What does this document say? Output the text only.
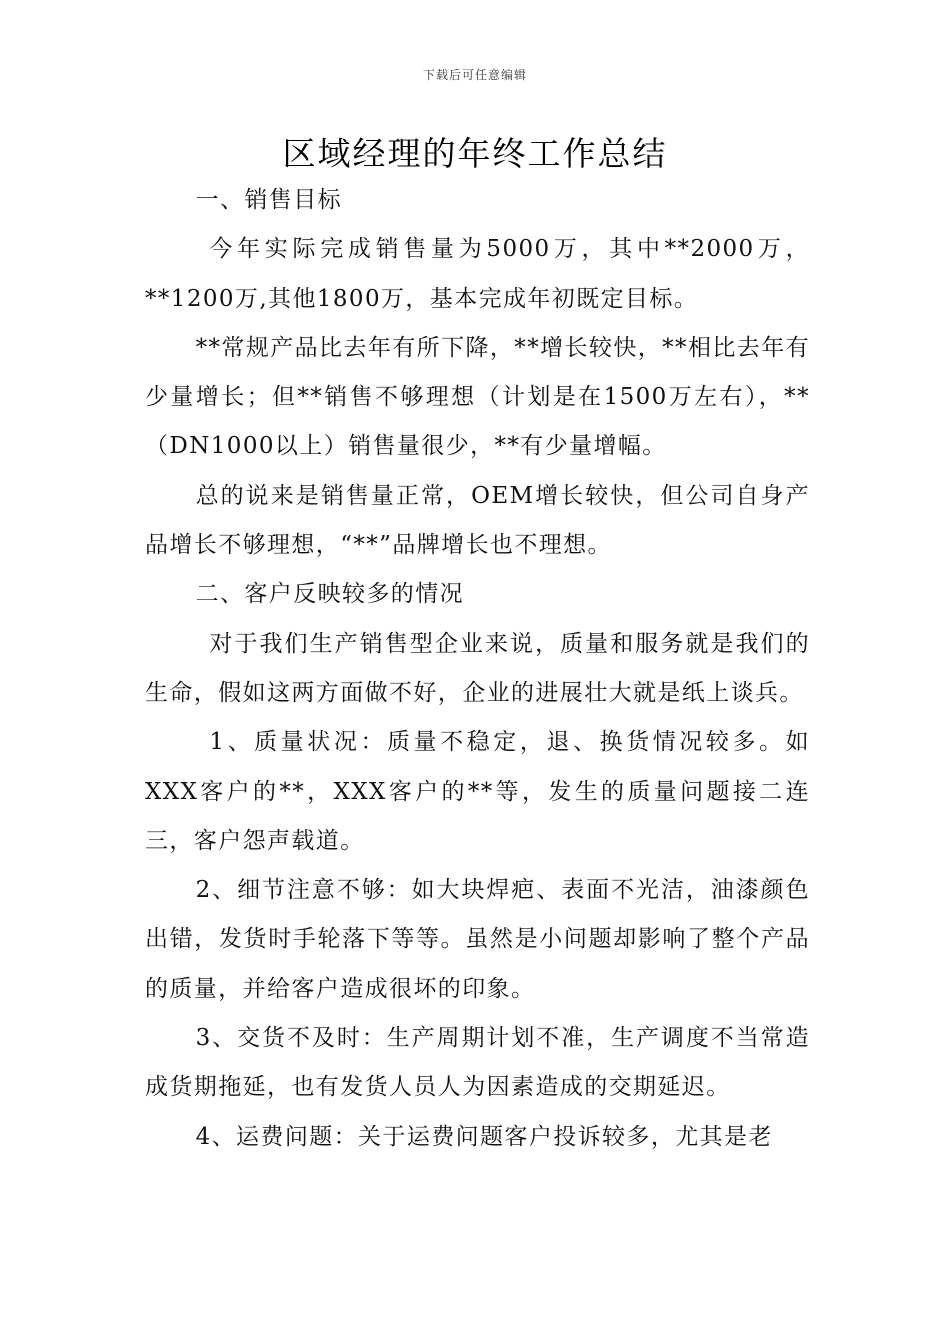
下载后可任意编辑
区域经理的年终工作总结

一、销售目标

今年实际完成销售量为5000万，其中**2000万，**1200万,其他1800万，基本完成年初既定目标。

**常规产品比去年有所下降，**增长较快，**相比去年有少量增长；但**销售不够理想（计划是在1500万左右），**（DN1000以上）销售量很少，**有少量增幅。

总的说来是销售量正常，OEM增长较快，但公司自身产品增长不够理想，“**”品牌增长也不理想。

二、客户反映较多的情况

对于我们生产销售型企业来说，质量和服务就是我们的生命，假如这两方面做不好，企业的进展壮大就是纸上谈兵。

1、质量状况：质量不稳定，退、换货情况较多。如XXX客户的**，XXX客户的**等，发生的质量问题接二连三，客户怨声载道。

2、细节注意不够：如大块焊疤、表面不光洁，油漆颜色出错，发货时手轮落下等等。虽然是小问题却影响了整个产品的质量，并给客户造成很坏的印象。

3、交货不及时：生产周期计划不准，生产调度不当常造成货期拖延，也有发货人员人为因素造成的交期延迟。

4、运费问题：关于运费问题客户投诉较多，尤其是老
